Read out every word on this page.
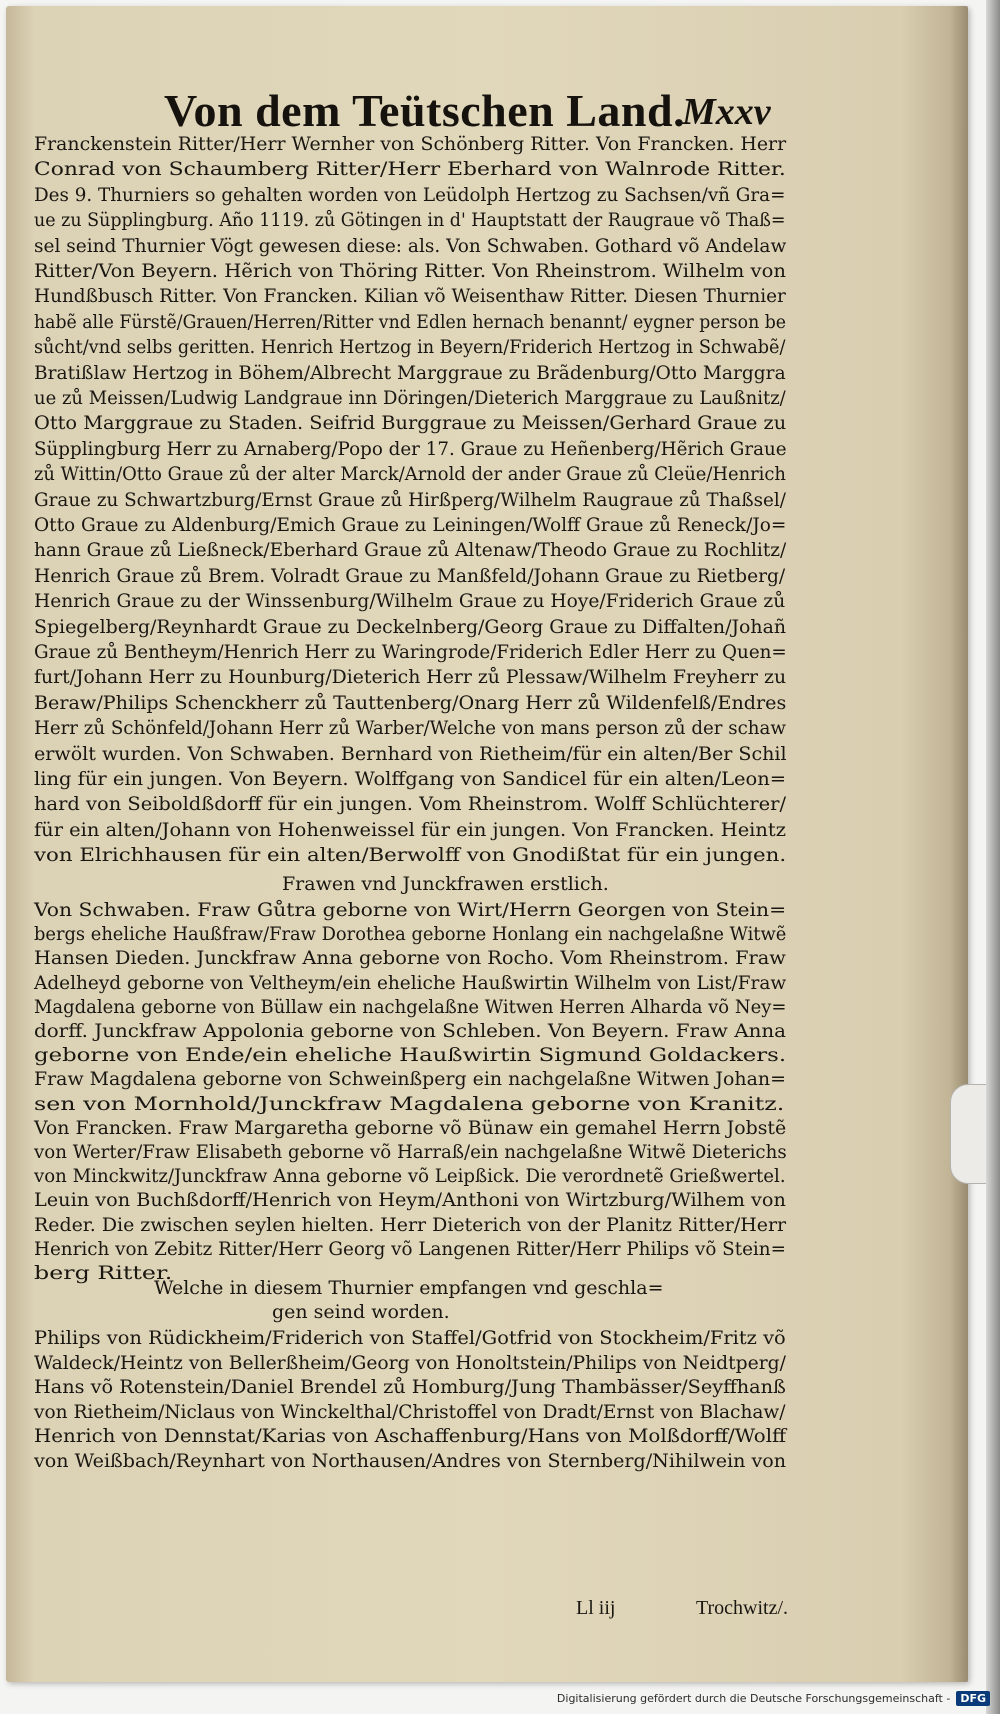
Von dem Teütschen Land.
Mxxv
Franckenstein Ritter/Herr Wernher von Schönberg Ritter. Von Francken. Herr
Conrad von Schaumberg Ritter/Herr Eberhard von Walnrode Ritter.
Des 9. Thurniers so gehalten worden von Leüdolph Hertzog zu Sachsen/vñ Gra=
ue zu Süpplingburg. Año 1119. zů Götingen in d' Hauptstatt der Raugraue võ Thaß=
sel seind Thurnier Vögt gewesen diese: als. Von Schwaben. Gothard võ Andelaw
Ritter/Von Beyern. Hẽrich von Thöring Ritter. Von Rheinstrom. Wilhelm von
Hundßbusch Ritter. Von Francken. Kilian võ Weisenthaw Ritter. Diesen Thurnier
habẽ alle Fürstẽ/Grauen/Herren/Ritter vnd Edlen hernach benannt/ eygner person be
sůcht/vnd selbs geritten. Henrich Hertzog in Beyern/Friderich Hertzog in Schwabẽ/
Bratißlaw Hertzog in Böhem/Albrecht Marggraue zu Brãdenburg/Otto Marggra
ue zů Meissen/Ludwig Landgraue inn Döringen/Dieterich Marggraue zu Laußnitz/
Otto Marggraue zu Staden. Seifrid Burggraue zu Meissen/Gerhard Graue zu
Süpplingburg Herr zu Arnaberg/Popo der 17. Graue zu Heñenberg/Hẽrich Graue
zů Wittin/Otto Graue zů der alter Marck/Arnold der ander Graue zů Cleüe/Henrich
Graue zu Schwartzburg/Ernst Graue zů Hirßperg/Wilhelm Raugraue zů Thaßsel/
Otto Graue zu Aldenburg/Emich Graue zu Leiningen/Wolff Graue zů Reneck/Jo=
hann Graue zů Ließneck/Eberhard Graue zů Altenaw/Theodo Graue zu Rochlitz/
Henrich Graue zů Brem. Volradt Graue zu Manßfeld/Johann Graue zu Rietberg/
Henrich Graue zu der Winssenburg/Wilhelm Graue zu Hoye/Friderich Graue zů
Spiegelberg/Reynhardt Graue zu Deckelnberg/Georg Graue zu Diffalten/Johañ
Graue zů Bentheym/Henrich Herr zu Waringrode/Friderich Edler Herr zu Quen=
furt/Johann Herr zu Hounburg/Dieterich Herr zů Plessaw/Wilhelm Freyherr zu
Beraw/Philips Schenckherr zů Tauttenberg/Onarg Herr zů Wildenfelß/Endres
Herr zů Schönfeld/Johann Herr zů Warber/Welche von mans person zů der schaw
erwölt wurden. Von Schwaben. Bernhard von Rietheim/für ein alten/Ber Schil
ling für ein jungen. Von Beyern. Wolffgang von Sandicel für ein alten/Leon=
hard von Seiboldßdorff für ein jungen. Vom Rheinstrom. Wolff Schlüchterer/
für ein alten/Johann von Hohenweissel für ein jungen. Von Francken. Heintz
von Elrichhausen für ein alten/Berwolff von Gnodißtat für ein jungen.
Frawen vnd Junckfrawen erstlich.
Von Schwaben. Fraw Gůtra geborne von Wirt/Herrn Georgen von Stein=
bergs eheliche Haußfraw/Fraw Dorothea geborne Honlang ein nachgelaßne Witwẽ
Hansen Dieden. Junckfraw Anna geborne von Rocho. Vom Rheinstrom. Fraw
Adelheyd geborne von Veltheym/ein eheliche Haußwirtin Wilhelm von List/Fraw
Magdalena geborne von Büllaw ein nachgelaßne Witwen Herren Alharda võ Ney=
dorff. Junckfraw Appolonia geborne von Schleben. Von Beyern. Fraw Anna
geborne von Ende/ein eheliche Haußwirtin Sigmund Goldackers.
Fraw Magdalena geborne von Schweinßperg ein nachgelaßne Witwen Johan=
sen von Mornhold/Junckfraw Magdalena geborne von Kranitz.
Von Francken. Fraw Margaretha geborne võ Bünaw ein gemahel Herrn Jobstẽ
von Werter/Fraw Elisabeth geborne võ Harraß/ein nachgelaßne Witwẽ Dieterichs
von Minckwitz/Junckfraw Anna geborne võ Leipßick. Die verordnetẽ Grießwertel.
Leuin von Buchßdorff/Henrich von Heym/Anthoni von Wirtzburg/Wilhem von
Reder. Die zwischen seylen hielten. Herr Dieterich von der Planitz Ritter/Herr
Henrich von Zebitz Ritter/Herr Georg võ Langenen Ritter/Herr Philips võ Stein=
berg Ritter.
Welche in diesem Thurnier empfangen vnd geschla=
gen seind worden.
Philips von Rüdickheim/Friderich von Staffel/Gotfrid von Stockheim/Fritz võ
Waldeck/Heintz von Bellerßheim/Georg von Honoltstein/Philips von Neidtperg/
Hans võ Rotenstein/Daniel Brendel zů Homburg/Jung Thambässer/Seyffhanß
von Rietheim/Niclaus von Winckelthal/Christoffel von Dradt/Ernst von Blachaw/
Henrich von Dennstat/Karias von Aschaffenburg/Hans von Molßdorff/Wolff
von Weißbach/Reynhart von Northausen/Andres von Sternberg/Nihilwein von
Ll iij	Trochwitz/.
Digitalisierung gefördert durch die Deutsche Forschungsgemeinschaft - DFG
